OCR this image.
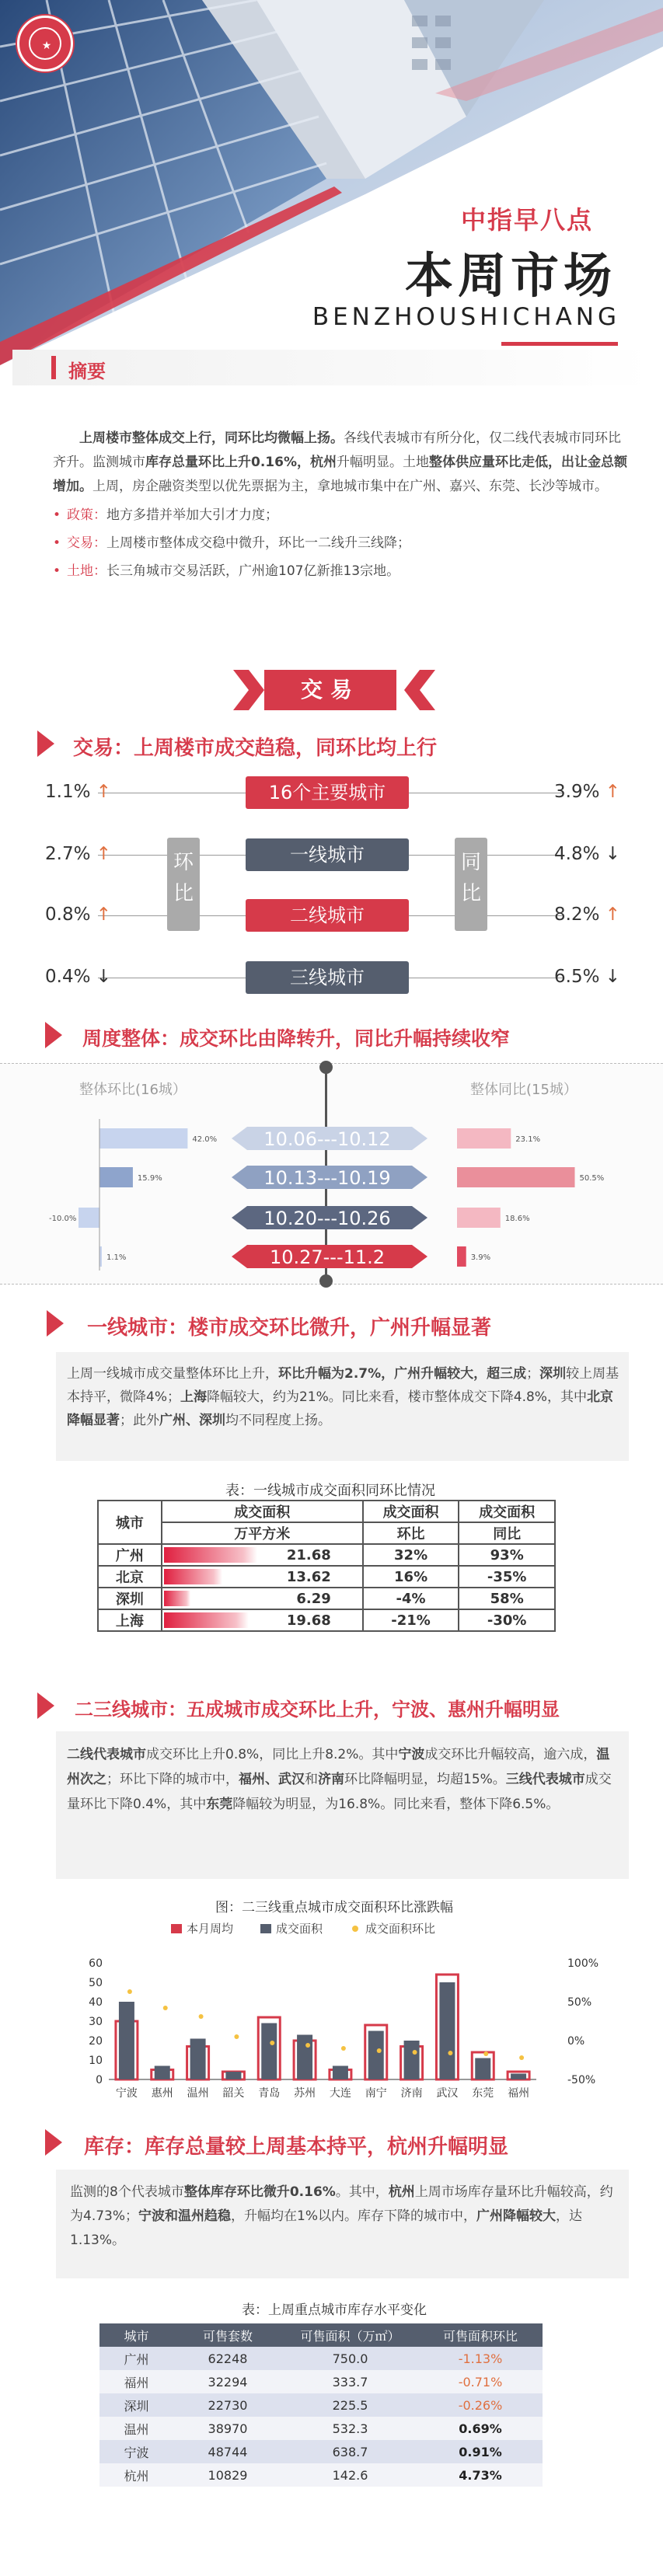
★
中指早八点
本周市场
BENZHOUSHICHANG
摘要
上周楼市整体成交上行，同环比均微幅上扬。各线代表城市有所分化，仅二线代表城市同环比齐升。监测城市库存总量环比上升0.16%，杭州升幅明显。土地整体供应量环比走低，出让金总额增加。上周，房企融资类型以优先票据为主，拿地城市集中在广州、嘉兴、东莞、长沙等城市。
• 政策：地方多措并举加大引才力度；
• 交易：上周楼市整体成交稳中微升，环比一二线升三线降；
• 土地：长三角城市交易活跃，广州逾107亿新推13宗地。
交易
交易：上周楼市成交趋稳，同环比均上行
环比
同比
16个主要城市
一线城市
二线城市
三线城市
1.1% ↑
2.7% ↑
0.8% ↑
0.4% ↓
3.9% ↑
4.8% ↓
8.2% ↑
6.5% ↓
周度整体：成交环比由降转升，同比升幅持续收窄
整体环比(16城）	整体同比(15城）
42.0%	23.1%
10.06---10.12
15.9%	50.5%
10.13---10.19
-10.0%	18.6%
10.20---10.26
1.1%	3.9%
10.27---11.2
一线城市：楼市成交环比微升，广州升幅显著
上周一线城市成交量整体环比上升，环比升幅为2.7%，广州升幅较大，超三成；深圳较上周基本持平，微降4%；上海降幅较大，约为21%。同比来看，楼市整体成交下降4.8%，其中北京降幅显著；此外广州、深圳均不同程度上扬。
表：一线城市成交面积同环比情况
城市	成交面积	成交面积	成交面积
	万平方米	环比	同比
广州	21.68	32%	93%
北京	13.62	16%	-35%
深圳	6.29	-4%	58%
上海	19.68	-21%	-30%
二三线城市：五成城市成交环比上升，宁波、惠州升幅明显
二线代表城市成交环比上升0.8%，同比上升8.2%。其中宁波成交环比升幅较高，逾六成，温州次之；环比下降的城市中，福州、武汉和济南环比降幅明显，均超15%。三线代表城市成交量环比下降0.4%，其中东莞降幅较为明显，为16.8%。同比来看，整体下降6.5%。
图：二三线重点城市成交面积环比涨跌幅
本月周均	成交面积	成交面积环比
0
10
20
30
40
50
60	100%
50%
0%
-50%
宁波 惠州 温州 韶关 青岛 苏州 大连 南宁 济南 武汉 东莞 福州
库存：库存总量较上周基本持平，杭州升幅明显
监测的8个代表城市整体库存环比微升0.16%。其中，杭州上周市场库存量环比升幅较高，约为4.73%；宁波和温州趋稳，升幅均在1%以内。库存下降的城市中，广州降幅较大，达1.13%。
表：上周重点城市库存水平变化
城市	可售套数	可售面积（万㎡）	可售面积环比
广州	62248	750.0	-1.13%
福州	32294	333.7	-0.71%
深圳	22730	225.5	-0.26%
温州	38970	532.3	0.69%
宁波	48744	638.7	0.91%
杭州	10829	142.6	4.73%
